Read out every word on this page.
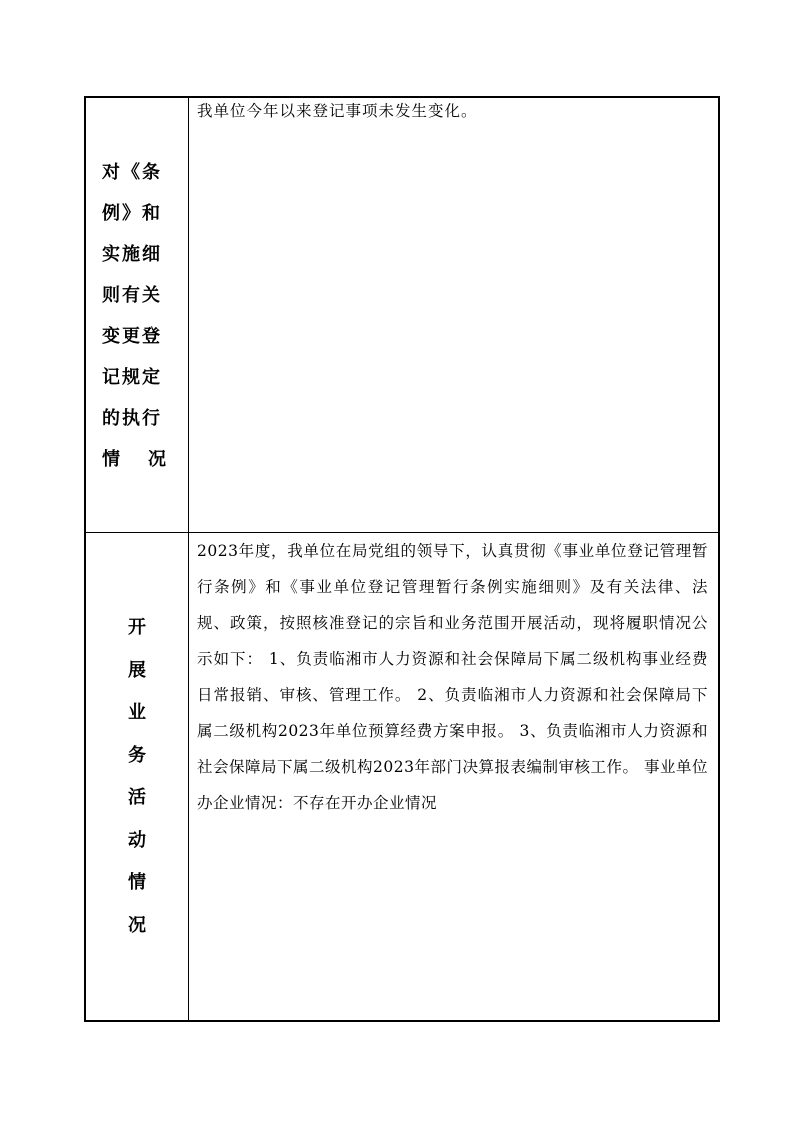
对《条 例》和 实施细 则有关 变更登 记规定 的执行
情 况
我单位今年以来登记事项未发生变化。
开
展
业
务
活
动
情
况
2023年度，我单位在局党组的领导下，认真贯彻《事业单位登记管理暂行条例》和《事业单位登记管理暂行条例实施细则》及有关法律、法规、政策，按照核准登记的宗旨和业务范围开展活动，现将履职情况公示如下： 1、负责临湘市人力资源和社会保障局下属二级机构事业经费日常报销、审核、管理工作。 2、负责临湘市人力资源和社会保障局下属二级机构2023年单位预算经费方案申报。 3、负责临湘市人力资源和社会保障局下属二级机构2023年部门决算报表编制审核工作。 事业单位办企业情况：不存在开办企业情况
